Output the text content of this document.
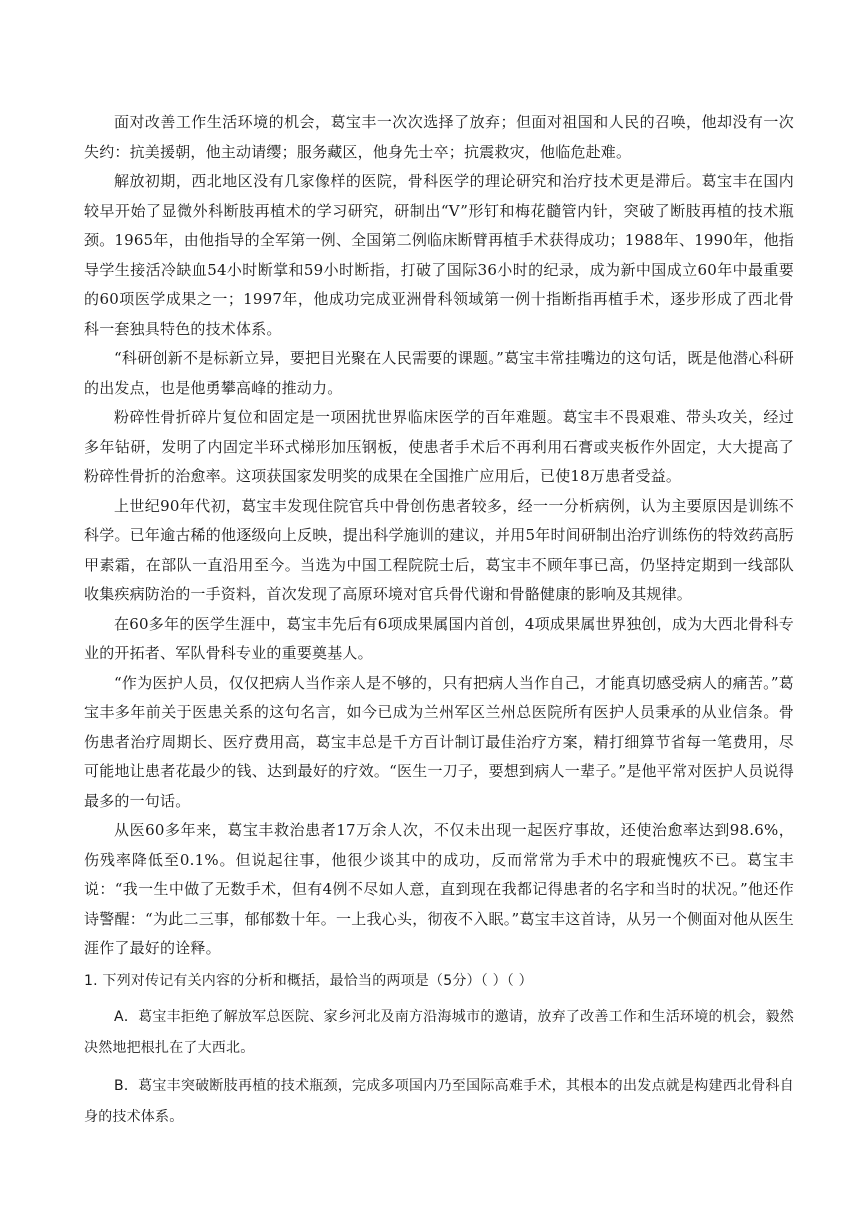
面对改善工作生活环境的机会，葛宝丰一次次选择了放弃；但面对祖国和人民的召唤，他却没有一次失约：抗美援朝，他主动请缨；服务藏区，他身先士卒；抗震救灾，他临危赴难。

解放初期，西北地区没有几家像样的医院，骨科医学的理论研究和治疗技术更是滞后。葛宝丰在国内较早开始了显微外科断肢再植术的学习研究，研制出“V”形钉和梅花髓管内针，突破了断肢再植的技术瓶颈。1965年，由他指导的全军第一例、全国第二例临床断臂再植手术获得成功；1988年、1990年，他指导学生接活冷缺血54小时断掌和59小时断指，打破了国际36小时的纪录，成为新中国成立60年中最重要的60项医学成果之一；1997年，他成功完成亚洲骨科领域第一例十指断指再植手术，逐步形成了西北骨科一套独具特色的技术体系。

“科研创新不是标新立异，要把目光聚在人民需要的课题。”葛宝丰常挂嘴边的这句话，既是他潜心科研的出发点，也是他勇攀高峰的推动力。

粉碎性骨折碎片复位和固定是一项困扰世界临床医学的百年难题。葛宝丰不畏艰难、带头攻关，经过多年钻研，发明了内固定半环式梯形加压钢板，使患者手术后不再利用石膏或夹板作外固定，大大提高了粉碎性骨折的治愈率。这项获国家发明奖的成果在全国推广应用后，已使18万患者受益。

上世纪90年代初，葛宝丰发现住院官兵中骨创伤患者较多，经一一分析病例，认为主要原因是训练不科学。已年逾古稀的他逐级向上反映，提出科学施训的建议，并用5年时间研制出治疗训练伤的特效药高肟甲素霜，在部队一直沿用至今。当选为中国工程院院士后，葛宝丰不顾年事已高，仍坚持定期到一线部队收集疾病防治的一手资料，首次发现了高原环境对官兵骨代谢和骨骼健康的影响及其规律。

在60多年的医学生涯中，葛宝丰先后有6项成果属国内首创，4项成果属世界独创，成为大西北骨科专业的开拓者、军队骨科专业的重要奠基人。

“作为医护人员，仅仅把病人当作亲人是不够的，只有把病人当作自己，才能真切感受病人的痛苦。”葛宝丰多年前关于医患关系的这句名言，如今已成为兰州军区兰州总医院所有医护人员秉承的从业信条。骨伤患者治疗周期长、医疗费用高，葛宝丰总是千方百计制订最佳治疗方案，精打细算节省每一笔费用，尽可能地让患者花最少的钱、达到最好的疗效。“医生一刀子，要想到病人一辈子。”是他平常对医护人员说得最多的一句话。

从医60多年来，葛宝丰救治患者17万余人次，不仅未出现一起医疗事故，还使治愈率达到98.6%，伤残率降低至0.1%。但说起往事，他很少谈其中的成功，反而常常为手术中的瑕疵愧疚不已。葛宝丰说：“我一生中做了无数手术，但有4例不尽如人意，直到现在我都记得患者的名字和当时的状况。”他还作诗警醒：“为此二三事，郁郁数十年。一上我心头，彻夜不入眠。”葛宝丰这首诗，从另一个侧面对他从医生涯作了最好的诠释。

1. 下列对传记有关内容的分析和概括，最恰当的两项是（5分）（ ）（ ）

A．葛宝丰拒绝了解放军总医院、家乡河北及南方沿海城市的邀请，放弃了改善工作和生活环境的机会，毅然决然地把根扎在了大西北。

B．葛宝丰突破断肢再植的技术瓶颈，完成多项国内乃至国际高难手术，其根本的出发点就是构建西北骨科自身的技术体系。
